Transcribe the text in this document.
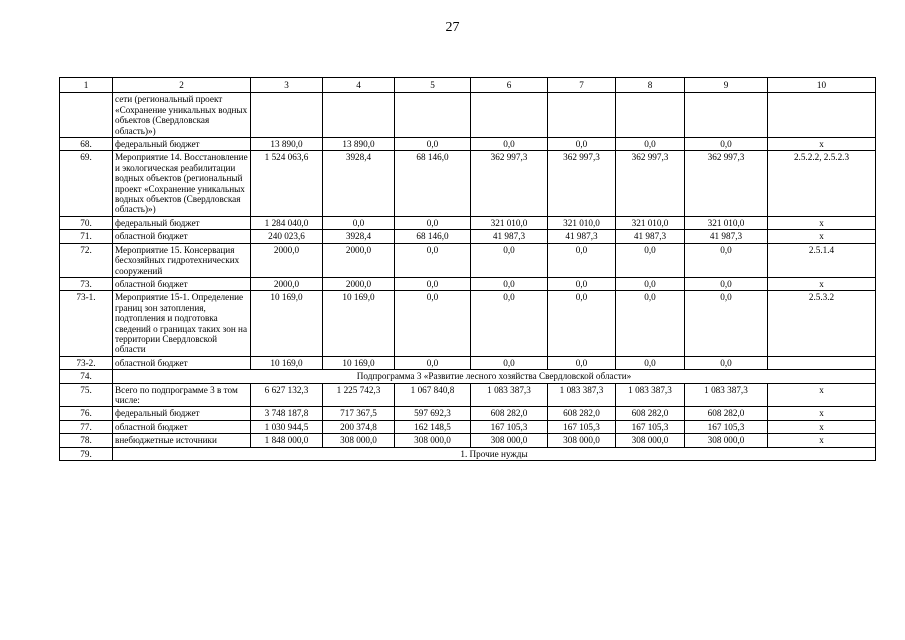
27
1	2	3	4	5	6	7	8	9	10
	сети (региональный проект «Сохранение уникальных водных объектов (Свердловская область)»)								
68.	федеральный бюджет	13 890,0	13 890,0	0,0	0,0	0,0	0,0	0,0	x
69.	Мероприятие 14. Восстановление и экологическая реабилитации водных объектов (региональный проект «Сохранение уникальных водных объектов (Свердловская область)»)	1 524 063,6	3928,4	68 146,0	362 997,3	362 997,3	362 997,3	362 997,3	2.5.2.2, 2.5.2.3
70.	федеральный бюджет	1 284 040,0	0,0	0,0	321 010,0	321 010,0	321 010,0	321 010,0	x
71.	областной бюджет	240 023,6	3928,4	68 146,0	41 987,3	41 987,3	41 987,3	41 987,3	x
72.	Мероприятие 15. Консервация бесхозяйных гидротехнических сооружений	2000,0	2000,0	0,0	0,0	0,0	0,0	0,0	2.5.1.4
73.	областной бюджет	2000,0	2000,0	0,0	0,0	0,0	0,0	0,0	x
73-1.	Мероприятие 15-1. Определение границ зон затопления, подтопления и подготовка сведений о границах таких зон на территории Свердловской области	10 169,0	10 169,0	0,0	0,0	0,0	0,0	0,0	2.5.3.2
73-2.	областной бюджет	10 169,0	10 169,0	0,0	0,0	0,0	0,0	0,0	
74.	Подпрограмма 3 «Развитие лесного хозяйства Свердловской области»								
75.	Всего по подпрограмме 3 в том числе:	6 627 132,3	1 225 742,3	1 067 840,8	1 083 387,3	1 083 387,3	1 083 387,3	1 083 387,3	x
76.	федеральный бюджет	3 748 187,8	717 367,5	597 692,3	608 282,0	608 282,0	608 282,0	608 282,0	x
77.	областной бюджет	1 030 944,5	200 374,8	162 148,5	167 105,3	167 105,3	167 105,3	167 105,3	x
78.	внебюджетные источники	1 848 000,0	308 000,0	308 000,0	308 000,0	308 000,0	308 000,0	308 000,0	x
79.	1. Прочие нужды								
